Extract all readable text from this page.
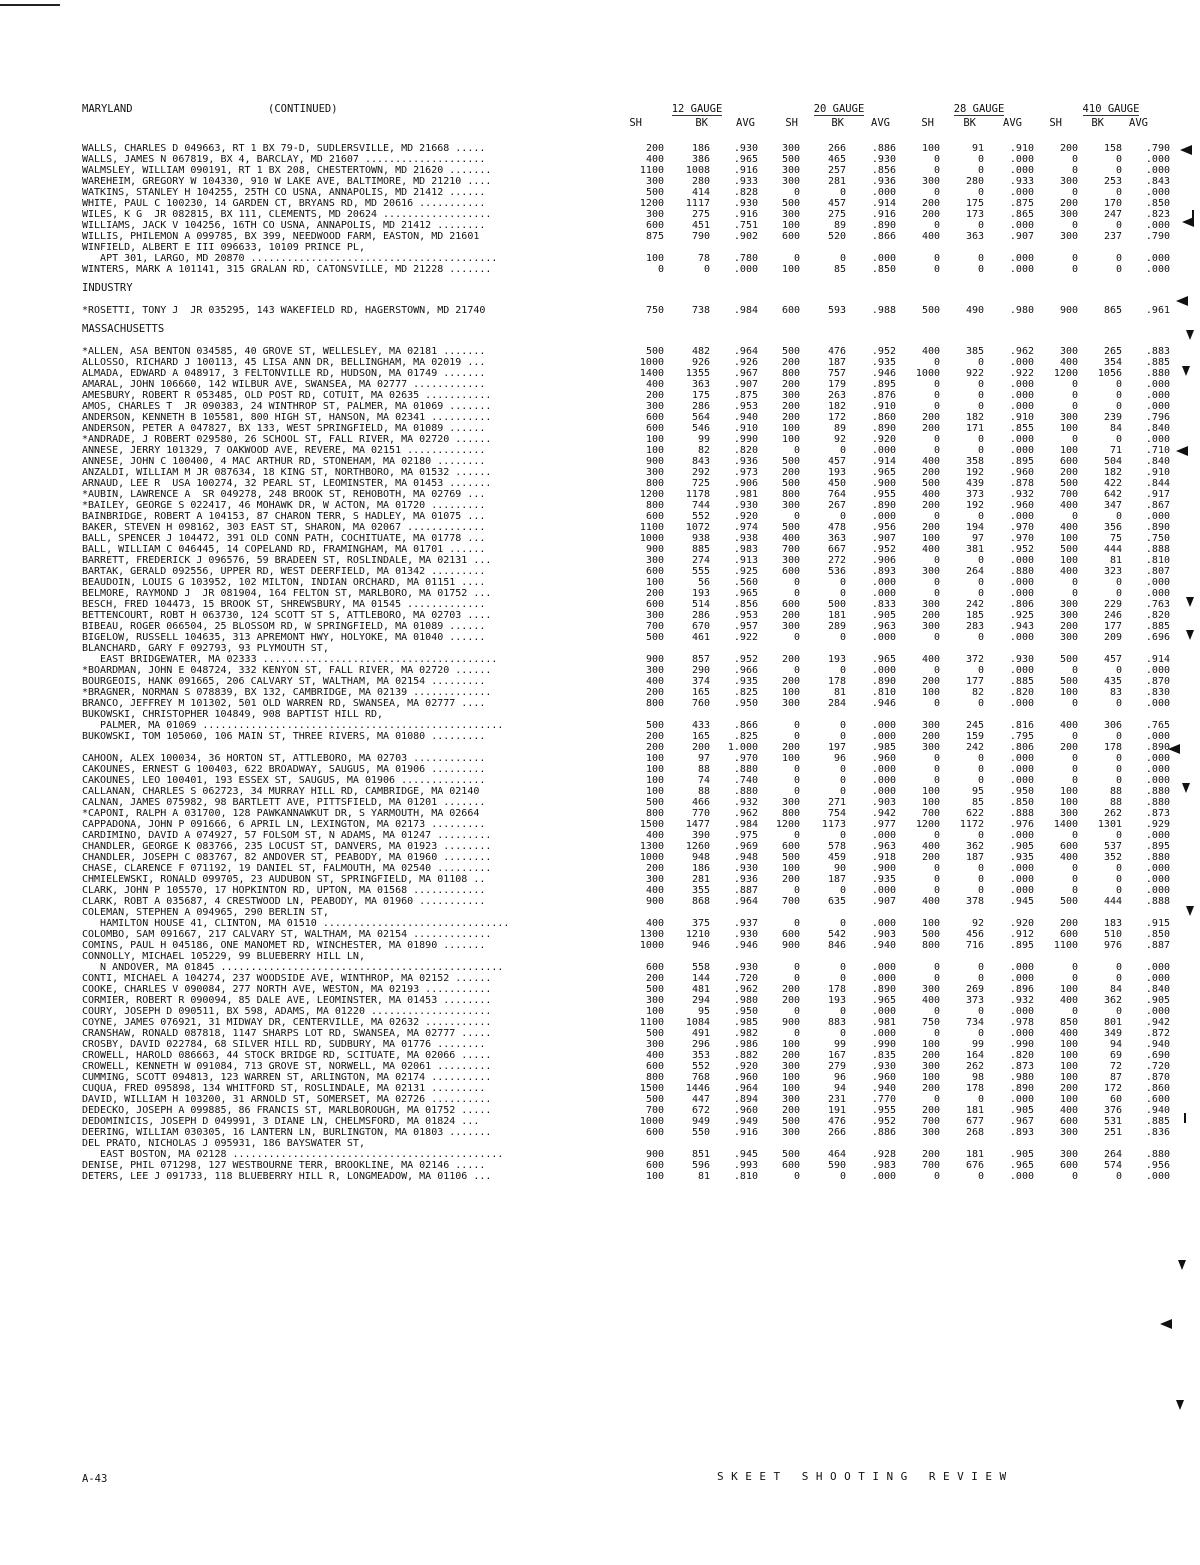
MARYLAND	(CONTINUED)	12 GAUGE	20 GAUGE	28 GAUGE	410 GAUGE
SH	BK	AVG	SH	BK	AVG	SH	BK	AVG	SH	BK	AVG
WALLS, CHARLES D 049663, RT 1 BX 79-D, SUDLERSVILLE, MD 21668 .....	200	186	.930	300	266	.886	100	91	.910	200	158	.790
WALLS, JAMES N 067819, BX 4, BARCLAY, MD 21607 ....................	400	386	.965	500	465	.930	0	0	.000	0	0	.000
WALMSLEY, WILLIAM 090191, RT 1 BX 208, CHESTERTOWN, MD 21620 .......	1100	1008	.916	300	257	.856	0	0	.000	0	0	.000
WAREHEIM, GREGORY W 104330, 910 W LAKE AVE, BALTIMORE, MD 21210 ....	300	280	.933	300	281	.936	300	280	.933	300	253	.843
WATKINS, STANLEY H 104255, 25TH CO USNA, ANNAPOLIS, MD 21412 ......	500	414	.828	0	0	.000	0	0	.000	0	0	.000
WHITE, PAUL C 100230, 14 GARDEN CT, BRYANS RD, MD 20616 ...........	1200	1117	.930	500	457	.914	200	175	.875	200	170	.850
WILES, K G  JR 082815, BX 111, CLEMENTS, MD 20624 ..................	300	275	.916	300	275	.916	200	173	.865	300	247	.823
WILLIAMS, JACK V 104256, 16TH CO USNA, ANNAPOLIS, MD 21412 ........	600	451	.751	100	89	.890	0	0	.000	0	0	.000
WILLIS, PHILEMON A 099785, BX 399, NEEDWOOD FARM, EASTON, MD 21601	875	790	.902	600	520	.866	400	363	.907	300	237	.790
WINFIELD, ALBERT E III 096633, 10109 PRINCE PL,
APT 301, LARGO, MD 20870 .........................................	100	78	.780	0	0	.000	0	0	.000	0	0	.000
WINTERS, MARK A 101141, 315 GRALAN RD, CATONSVILLE, MD 21228 .......	0	0	.000	100	85	.850	0	0	.000	0	0	.000
INDUSTRY
*ROSETTI, TONY J  JR 035295, 143 WAKEFIELD RD, HAGERSTOWN, MD 21740	750	738	.984	600	593	.988	500	490	.980	900	865	.961
MASSACHUSETTS
*ALLEN, ASA BENTON 034585, 40 GROVE ST, WELLESLEY, MA 02181 .......	500	482	.964	500	476	.952	400	385	.962	300	265	.883
ALLOSSO, RICHARD J 100113, 45 LISA ANN DR, BELLINGHAM, MA 02019 ...	1000	926	.926	200	187	.935	0	0	.000	400	354	.885
ALMADA, EDWARD A 048917, 3 FELTONVILLE RD, HUDSON, MA 01749 .......	1400	1355	.967	800	757	.946	1000	922	.922	1200	1056	.880
AMARAL, JOHN 106660, 142 WILBUR AVE, SWANSEA, MA 02777 ............	400	363	.907	200	179	.895	0	0	.000	0	0	.000
AMESBURY, ROBERT R 053485, OLD POST RD, COTUIT, MA 02635 ...........	200	175	.875	300	263	.876	0	0	.000	0	0	.000
AMOS, CHARLES T  JR 090383, 24 WINTHROP ST, PALMER, MA 01069 .......	300	286	.953	200	182	.910	0	0	.000	0	0	.000
ANDERSON, KENNETH B 105581, 800 HIGH ST, HANSON, MA 02341 ..........	600	564	.940	200	172	.860	200	182	.910	300	239	.796
ANDERSON, PETER A 047827, BX 133, WEST SPRINGFIELD, MA 01089 ......	600	546	.910	100	89	.890	200	171	.855	100	84	.840
*ANDRADE, J ROBERT 029580, 26 SCHOOL ST, FALL RIVER, MA 02720 ......	100	99	.990	100	92	.920	0	0	.000	0	0	.000
ANNESE, JERRY 101329, 7 OAKWOOD AVE, REVERE, MA 02151 .............	100	82	.820	0	0	.000	0	0	.000	100	71	.710
ANNESE, JOHN C 100400, 4 MAC ARTHUR RD, STONEHAM, MA 02180 ........	900	843	.936	500	457	.914	400	358	.895	600	504	.840
ANZALDI, WILLIAM M JR 087634, 18 KING ST, NORTHBORO, MA 01532 ......	300	292	.973	200	193	.965	200	192	.960	200	182	.910
ARNAUD, LEE R  USA 100274, 32 PEARL ST, LEOMINSTER, MA 01453 .......	800	725	.906	500	450	.900	500	439	.878	500	422	.844
*AUBIN, LAWRENCE A  SR 049278, 248 BROOK ST, REHOBOTH, MA 02769 ...	1200	1178	.981	800	764	.955	400	373	.932	700	642	.917
*BAILEY, GEORGE S 022417, 46 MOHAWK DR, W ACTON, MA 01720 .........	800	744	.930	300	267	.890	200	192	.960	400	347	.867
BAINBRIDGE, ROBERT A 104153, 87 CHARON TERR, S HADLEY, MA 01075 ...	600	552	.920	0	0	.000	0	0	.000	0	0	.000
BAKER, STEVEN H 098162, 303 EAST ST, SHARON, MA 02067 .............	1100	1072	.974	500	478	.956	200	194	.970	400	356	.890
BALL, SPENCER J 104472, 391 OLD CONN PATH, COCHITUATE, MA 01778 ...	1000	938	.938	400	363	.907	100	97	.970	100	75	.750
BALL, WILLIAM C 046445, 14 COPELAND RD, FRAMINGHAM, MA 01701 ......	900	885	.983	700	667	.952	400	381	.952	500	444	.888
BARRETT, FREDERICK J 096576, 59 BRADEEN ST, ROSLINDALE, MA 02131 ...	300	274	.913	300	272	.906	0	0	.000	100	81	.810
BARTAK, GERALD 092556, UPPER RD, WEST DEERFIELD, MA 01342 .........	600	555	.925	600	536	.893	300	264	.880	400	323	.807
BEAUDOIN, LOUIS G 103952, 102 MILTON, INDIAN ORCHARD, MA 01151 ....	100	56	.560	0	0	.000	0	0	.000	0	0	.000
BELMORE, RAYMOND J  JR 081904, 164 FELTON ST, MARLBORO, MA 01752 ...	200	193	.965	0	0	.000	0	0	.000	0	0	.000
BESCH, FRED 104473, 15 BROOK ST, SHREWSBURY, MA 01545 .............	600	514	.856	600	500	.833	300	242	.806	300	229	.763
BETTENCOURT, ROBT H 063730, 124 SCOTT ST S, ATTLEBORO, MA 02703 ....	300	286	.953	200	181	.905	200	185	.925	300	246	.820
BIBEAU, ROGER 066504, 25 BLOSSOM RD, W SPRINGFIELD, MA 01089 ......	700	670	.957	300	289	.963	300	283	.943	200	177	.885
BIGELOW, RUSSELL 104635, 313 APREMONT HWY, HOLYOKE, MA 01040 ......	500	461	.922	0	0	.000	0	0	.000	300	209	.696
BLANCHARD, GARY F 092793, 93 PLYMOUTH ST,
EAST BRIDGEWATER, MA 02333 .......................................	900	857	.952	200	193	.965	400	372	.930	500	457	.914
*BOARDMAN, JOHN E 048724, 332 KENYON ST, FALL RIVER, MA 02720 ......	300	290	.966	0	0	.000	0	0	.000	0	0	.000
BOURGEOIS, HANK 091665, 206 CALVARY ST, WALTHAM, MA 02154 .........	400	374	.935	200	178	.890	200	177	.885	500	435	.870
*BRAGNER, NORMAN S 078839, BX 132, CAMBRIDGE, MA 02139 .............	200	165	.825	100	81	.810	100	82	.820	100	83	.830
BRANCO, JEFFREY M 101302, 501 OLD WARREN RD, SWANSEA, MA 02777 ....	800	760	.950	300	284	.946	0	0	.000	0	0	.000
BUKOWSKI, CHRISTOPHER 104849, 908 BAPTIST HILL RD,
PALMER, MA 01069 ..................................................	500	433	.866	0	0	.000	300	245	.816	400	306	.765
BUKOWSKI, TOM 105060, 106 MAIN ST, THREE RIVERS, MA 01080 .........	200	165	.825	0	0	.000	200	159	.795	0	0	.000
200	200	1.000	200	197	.985	300	242	.806	200	178	.890
CAHOON, ALEX 100034, 36 HORTON ST, ATTLEBORO, MA 02703 ............	100	97	.970	100	96	.960	0	0	.000	0	0	.000
CAKOUNES, ERNEST G 100403, 622 BROADWAY, SAUGUS, MA 01906 .........	100	88	.880	0	0	.000	0	0	.000	0	0	.000
CAKOUNES, LEO 100401, 193 ESSEX ST, SAUGUS, MA 01906 ..............	100	74	.740	0	0	.000	0	0	.000	0	0	.000
CALLANAN, CHARLES S 062723, 34 MURRAY HILL RD, CAMBRIDGE, MA 02140	100	88	.880	0	0	.000	100	95	.950	100	88	.880
CALNAN, JAMES 075982, 98 BARTLETT AVE, PITTSFIELD, MA 01201 .......	500	466	.932	300	271	.903	100	85	.850	100	88	.880
*CAPONI, RALPH A 031700, 128 PAWKANNAWKUT DR, S YARMOUTH, MA 02664	800	770	.962	800	754	.942	700	622	.888	300	262	.873
CAPPADONA, JOHN P 091666, 6 APRIL LN, LEXINGTON, MA 02173 .........	1500	1477	.984	1200	1173	.977	1200	1172	.976	1400	1301	.929
CARDIMINO, DAVID A 074927, 57 FOLSOM ST, N ADAMS, MA 01247 .........	400	390	.975	0	0	.000	0	0	.000	0	0	.000
CHANDLER, GEORGE K 083766, 235 LOCUST ST, DANVERS, MA 01923 ........	1300	1260	.969	600	578	.963	400	362	.905	600	537	.895
CHANDLER, JOSEPH C 083767, 82 ANDOVER ST, PEABODY, MA 01960 ........	1000	948	.948	500	459	.918	200	187	.935	400	352	.880
CHASE, CLARENCE F 071192, 19 DANIEL ST, FALMOUTH, MA 02540 .........	200	186	.930	100	90	.900	0	0	.000	0	0	.000
CHMIELEWSKI, RONALD 099705, 23 AUDUBON ST, SPRINGFIELD, MA 01108 ..	300	281	.936	200	187	.935	0	0	.000	0	0	.000
CLARK, JOHN P 105570, 17 HOPKINTON RD, UPTON, MA 01568 ............	400	355	.887	0	0	.000	0	0	.000	0	0	.000
CLARK, ROBT A 035687, 4 CRESTWOOD LN, PEABODY, MA 01960 ...........	900	868	.964	700	635	.907	400	378	.945	500	444	.888
COLEMAN, STEPHEN A 094965, 290 BERLIN ST,
HAMILTON HOUSE 41, CLINTON, MA 01510 ...............................	400	375	.937	0	0	.000	100	92	.920	200	183	.915
COLOMBO, SAM 091667, 217 CALVARY ST, WALTHAM, MA 02154 .............	1300	1210	.930	600	542	.903	500	456	.912	600	510	.850
COMINS, PAUL H 045186, ONE MANOMET RD, WINCHESTER, MA 01890 .......	1000	946	.946	900	846	.940	800	716	.895	1100	976	.887
CONNOLLY, MICHAEL 105229, 99 BLUEBERRY HILL LN,
N ANDOVER, MA 01845 ...............................................	600	558	.930	0	0	.000	0	0	.000	0	0	.000
CONTI, MICHAEL A 104274, 237 WOODSIDE AVE, WINTHROP, MA 02152 ......	200	144	.720	0	0	.000	0	0	.000	0	0	.000
COOKE, CHARLES V 090084, 277 NORTH AVE, WESTON, MA 02193 ...........	500	481	.962	200	178	.890	300	269	.896	100	84	.840
CORMIER, ROBERT R 090094, 85 DALE AVE, LEOMINSTER, MA 01453 ........	300	294	.980	200	193	.965	400	373	.932	400	362	.905
COURY, JOSEPH D 090511, BX 598, ADAMS, MA 01220 ....................	100	95	.950	0	0	.000	0	0	.000	0	0	.000
COYNE, JAMES 076921, 31 MIDWAY DR, CENTERVILLE, MA 02632 ...........	1100	1084	.985	900	883	.981	750	734	.978	850	801	.942
CRANSHAW, RONALD 087818, 1147 SHARPS LOT RD, SWANSEA, MA 02777 .....	500	491	.982	0	0	.000	0	0	.000	400	349	.872
CROSBY, DAVID 022784, 68 SILVER HILL RD, SUDBURY, MA 01776 ........	300	296	.986	100	99	.990	100	99	.990	100	94	.940
CROWELL, HAROLD 086663, 44 STOCK BRIDGE RD, SCITUATE, MA 02066 .....	400	353	.882	200	167	.835	200	164	.820	100	69	.690
CROWELL, KENNETH W 091084, 713 GROVE ST, NORWELL, MA 02061 .........	600	552	.920	300	279	.930	300	262	.873	100	72	.720
CUMMING, SCOTT 094813, 123 WARREN ST, ARLINGTON, MA 02174 ..........	800	768	.960	100	96	.960	100	98	.980	100	87	.870
CUQUA, FRED 095898, 134 WHITFORD ST, ROSLINDALE, MA 02131 .........	1500	1446	.964	100	94	.940	200	178	.890	200	172	.860
DAVID, WILLIAM H 103200, 31 ARNOLD ST, SOMERSET, MA 02726 ..........	500	447	.894	300	231	.770	0	0	.000	100	60	.600
DEDECKO, JOSEPH A 099885, 86 FRANCIS ST, MARLBOROUGH, MA 01752 .....	700	672	.960	200	191	.955	200	181	.905	400	376	.940
DEDOMINICIS, JOSEPH D 049991, 3 DIANE LN, CHELMSFORD, MA 01824 ...	1000	949	.949	500	476	.952	700	677	.967	600	531	.885
DEERING, WILLIAM 030305, 16 LANTERN LN, BURLINGTON, MA 01803 .......	600	550	.916	300	266	.886	300	268	.893	300	251	.836
DEL PRATO, NICHOLAS J 095931, 186 BAYSWATER ST,
EAST BOSTON, MA 02128 .............................................	900	851	.945	500	464	.928	200	181	.905	300	264	.880
DENISE, PHIL 071298, 127 WESTBOURNE TERR, BROOKLINE, MA 02146 .....	600	596	.993	600	590	.983	700	676	.965	600	574	.956
DETERS, LEE J 091733, 118 BLUEBERRY HILL R, LONGMEADOW, MA 01106 ...	100	81	.810	0	0	.000	0	0	.000	0	0	.000
A-43	SKEET SHOOTING REVIEW
